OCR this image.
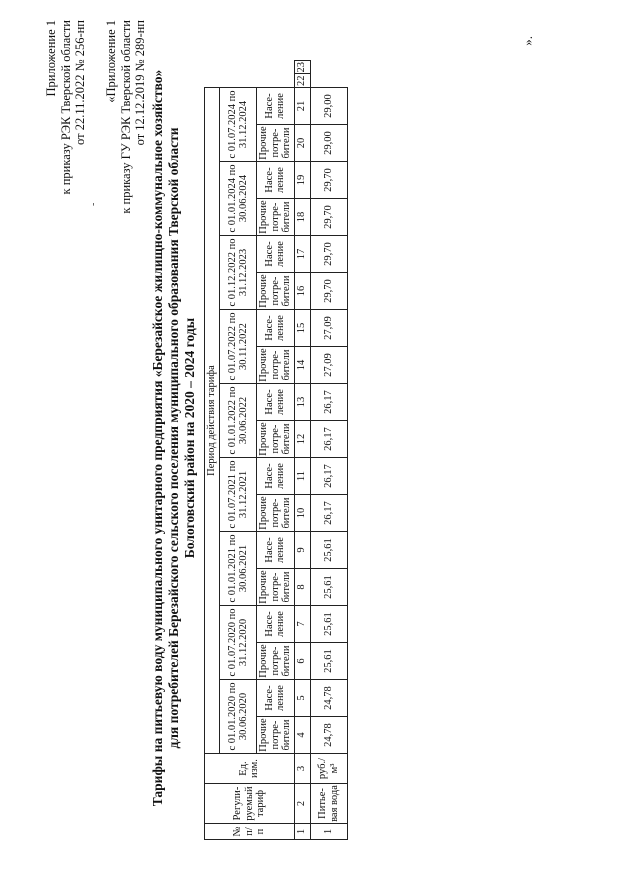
Приложение 1 к приказу РЭК Тверской области от 22.11.2022 № 256-нп «Приложение 1 к приказу ГУ РЭК Тверской области от 12.12.2019 № 289-нп
-	Тарифы на питьевую воду муниципального унитарного предприятия «Березайское жилищно-коммунальное хозяйство» для потребителей Березайского сельского поселения муниципального образования Тверской области Бологовский район на 2020 – 2024 годы
№ п/ п	Регули-руемый тариф	Ед. изм.	Период действия тарифа																			
			с 01.01.2020 по 30.06.2020		с 01.07.2020 по 31.12.2020		с 01.01.2021 по 30.06.2021		с 01.07.2021 по 31.12.2021		с 01.01.2022 по 30.06.2022		с 01.07.2022 по 30.11.2022		с 01.12.2022 по 31.12.2023		с 01.01.2024 по 30.06.2024		с 01.07.2024 по 31.12.2024			
			Прочие потре-бители	Насе-ление	Прочие потре-бители	Насе-ление	Прочие потре-бители	Насе-ление	Прочие потре-бители	Насе-ление	Прочие потре-бители	Насе-ление	Прочие потре-бители	Насе-ление	Прочие потре-бители	Насе-ление	Прочие потре-бители	Насе-ление	Прочие потре-бители	Насе-ление		
1	2	3	4	5	6	7	8	9	10	11	12	13	14	15	16	17	18	19	20	21	22	23
1	Питье-вая вода	руб./м³	24,78	24,78	25,61	25,61	25,61	25,61	26,17	26,17	26,17	26,17	27,09	27,09	29,70	29,70	29,70	29,70	29,00	29,00		
».
